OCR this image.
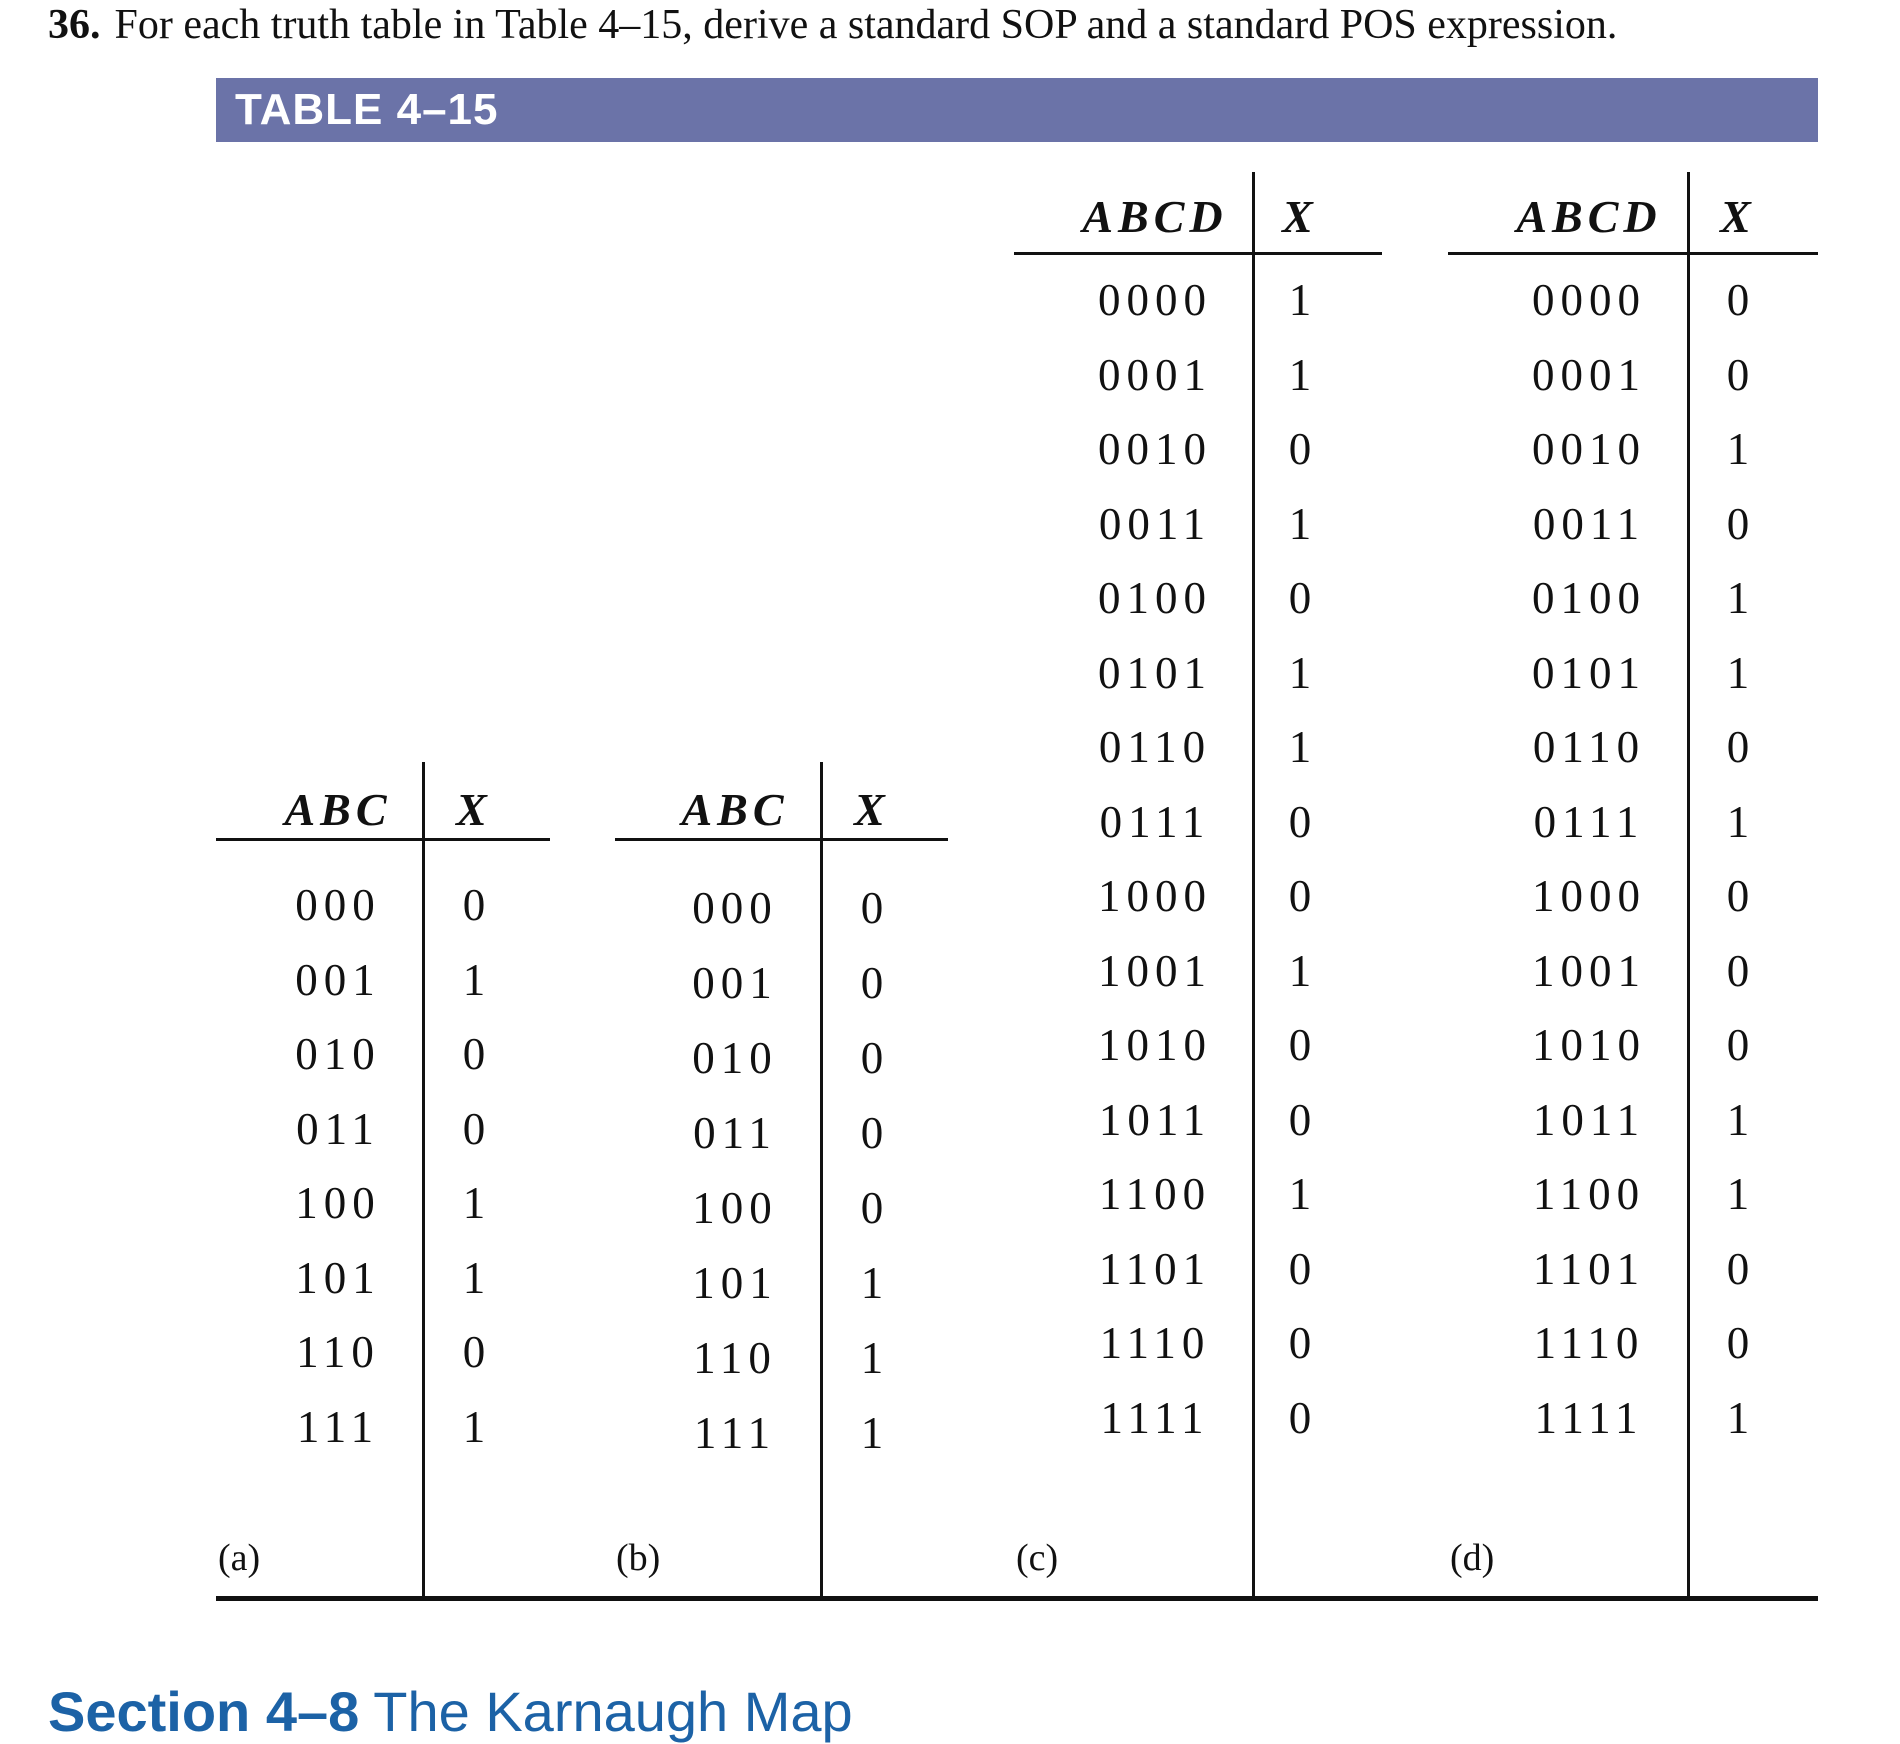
36. For each truth table in Table 4–15, derive a standard SOP and a standard POS expression.
TABLE 4–15
ABC	X
000	0
001	1
010	0
011	0
100	1
101	1
110	0
111	1
(a)
ABC	X
000	0
001	0
010	0
011	0
100	0
101	1
110	1
111	1
(b)
ABCD	X
0000	1
0001	1
0010	0
0011	1
0100	0
0101	1
0110	1
0111	0
1000	0
1001	1
1010	0
1011	0
1100	1
1101	0
1110	0
1111	0
(c)
ABCD	X
0000	0
0001	0
0010	1
0011	0
0100	1
0101	1
0110	0
0111	1
1000	0
1001	0
1010	0
1011	1
1100	1
1101	0
1110	0
1111	1
(d)
Section 4–8 The Karnaugh Map
